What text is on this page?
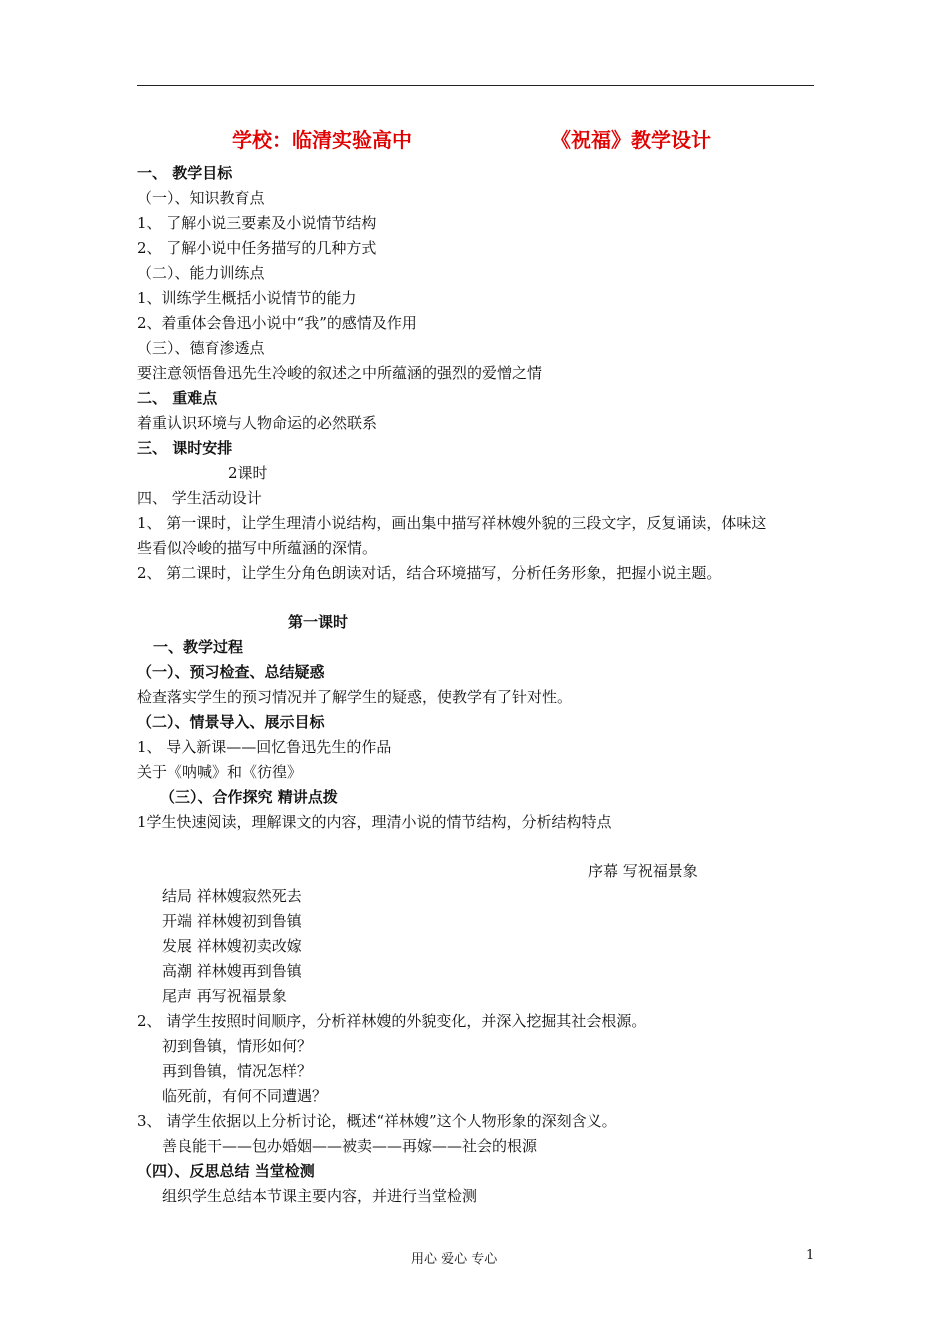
学校：临清实验高中	《祝福》教学设计
一、 教学目标
（一）、知识教育点
1、 了解小说三要素及小说情节结构
2、 了解小说中任务描写的几种方式
（二）、能力训练点
1、训练学生概括小说情节的能力
2、着重体会鲁迅小说中“我”的感情及作用
（三）、德育渗透点
要注意领悟鲁迅先生冷峻的叙述之中所蕴涵的强烈的爱憎之情
二、 重难点
着重认识环境与人物命运的必然联系
三、 课时安排
2课时
四、 学生活动设计
1、 第一课时，让学生理清小说结构，画出集中描写祥林嫂外貌的三段文字，反复诵读，体味这
些看似冷峻的描写中所蕴涵的深情。
2、 第二课时，让学生分角色朗读对话，结合环境描写，分析任务形象，把握小说主题。
第一课时
一、教学过程
（一）、预习检查、总结疑惑
检查落实学生的预习情况并了解学生的疑惑，使教学有了针对性。
（二）、情景导入、展示目标
1、 导入新课——回忆鲁迅先生的作品
关于《呐喊》和《彷徨》
（三）、合作探究 精讲点拨
1学生快速阅读，理解课文的内容，理清小说的情节结构，分析结构特点
序幕 写祝福景象
结局 祥林嫂寂然死去
开端 祥林嫂初到鲁镇
发展 祥林嫂初卖改嫁
高潮 祥林嫂再到鲁镇
尾声 再写祝福景象
2、 请学生按照时间顺序，分析祥林嫂的外貌变化，并深入挖掘其社会根源。
初到鲁镇，情形如何？
再到鲁镇，情况怎样？
临死前，有何不同遭遇？
3、 请学生依据以上分析讨论，概述“祥林嫂”这个人物形象的深刻含义。
善良能干——包办婚姻——被卖——再嫁——社会的根源
（四）、反思总结 当堂检测
组织学生总结本节课主要内容，并进行当堂检测
用心 爱心 专心	1
